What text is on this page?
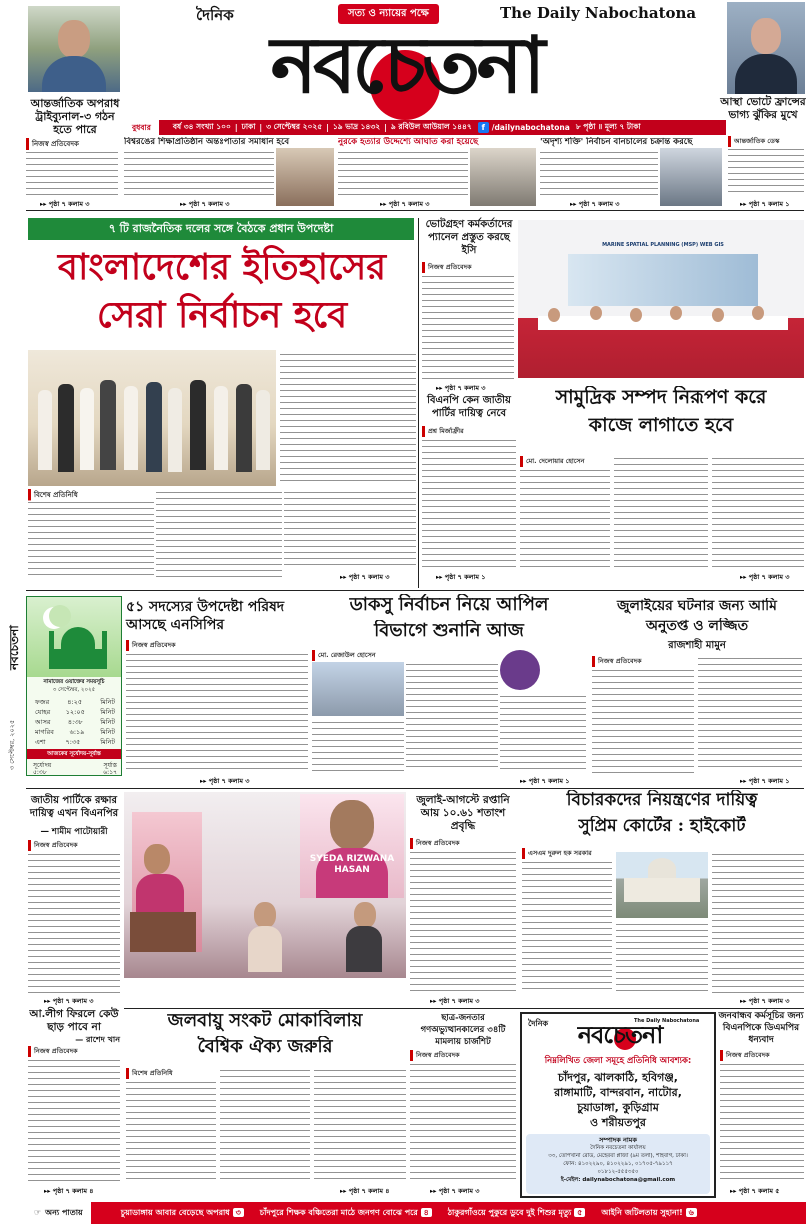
দৈনিক	সত্য ও ন্যায়ের পক্ষে	The Daily Nabochatona
নবচেতনা
বুধবার	বর্ষ ৩৪ সংখ্যা ১০০ | ঢাকা | ৩ সেপ্টেম্বর ২০২৫ | ১৯ ভাদ্র ১৪৩২ | ৯ রবিউল আউয়াল ১৪৪৭	f /dailynabochatona ৮ পৃষ্ঠা ॥ মূল্য ৭ টাকা
আন্তর্জাতিক অপরাধ ট্রাইব্যুনাল-৩ গঠন হতে পারে
নিজস্ব প্রতিবেদক
▸▸ পৃষ্ঠা ৭ কলাম ৩
আস্থা ভোটে ফ্রান্সের ভাগ্য ঝুঁকির মুখে
আন্তর্জাতিক ডেস্ক
▸▸ পৃষ্ঠা ৭ কলাম ১
বিশ্বরঙের শিক্ষাপ্রতিষ্ঠান অন্তঃপাতার সমাধান হবে
▸▸ পৃষ্ঠা ৭ কলাম ৩
নুরকে হত্যার উদ্দেশ্যে আঘাত করা হয়েছে
▸▸ পৃষ্ঠা ৭ কলাম ৩
'অদৃশ্য শক্তি' নির্বাচন বানচালের চক্রান্ত করছে
▸▸ পৃষ্ঠা ৭ কলাম ৩
৭ টি রাজনৈতিক দলের সঙ্গে বৈঠকে প্রধান উপদেষ্টা
বাংলাদেশের ইতিহাসের
সেরা নির্বাচন হবে
বিশেষ প্রতিনিধি
▸▸ পৃষ্ঠা ৭ কলাম ৩
ভোটগ্রহণ কর্মকর্তাদের প্যানেল প্রস্তুত করছে ইসি
নিজস্ব প্রতিবেদক
▸▸ পৃষ্ঠা ৭ কলাম ৩
MARINE SPATIAL PLANNING (MSP) WEB GIS
বিএনপি কেন জাতীয় পার্টির দায়িত্ব নেবে
প্রশ্ন মির্জাফ্রীর
▸▸ পৃষ্ঠা ৭ কলাম ১
সামুদ্রিক সম্পদ নিরূপণ করে
কাজে লাগাতে হবে
মো. দেলোয়ার হোসেন
▸▸ পৃষ্ঠা ৭ কলাম ৩
নামাজের ওয়াক্তের সময়সূচি
৩ সেপ্টেম্বর, ২০২৫
ফজর	৪:২৫	মিনিট
যোহর ১২:০৫ মিনিট
আসর	৪:৩৮	মিনিট
মাগরিব ৬:১৯ মিনিট
এশা	৭:৩৫	মিনিট
আজকের সূর্যোদয়-সূর্যাস্ত
সূর্যোদয়	সূর্যাস্ত
৫:৩৮	৬:১৭
নবচেতনা
৩ সেপ্টেম্বর, ২০২৫
৫১ সদস্যের উপদেষ্টা পরিষদ আসছে এনসিপির
নিজস্ব প্রতিবেদক
▸▸ পৃষ্ঠা ৭ কলাম ৩
ডাকসু নির্বাচন নিয়ে আপিল
বিভাগে শুনানি আজ
মো. রেজাউল হোসেন
▸▸ পৃষ্ঠা ৭ কলাম ১
জুলাইয়ের ঘটনার জন্য আমি
অনুতপ্ত ও লজ্জিত
রাজশাহী মামুন
নিজস্ব প্রতিবেদক
▸▸ পৃষ্ঠা ৭ কলাম ১
জাতীয় পার্টিকে রক্ষার দায়িত্ব এখন বিএনপির
— শামীম পাটোয়ারী
নিজস্ব প্রতিবেদক
▸▸ পৃষ্ঠা ৭ কলাম ৩
SYEDA RIZWANA HASAN
জুলাই-আগস্টে রপ্তানি আয় ১০.৬১ শতাংশ প্রবৃদ্ধি
নিজস্ব প্রতিবেদক
▸▸ পৃষ্ঠা ৭ কলাম ৩
বিচারকদের নিয়ন্ত্রণের দায়িত্ব
সুপ্রিম কোর্টের : হাইকোর্ট
এসএম দুরুল হক সরকার
▸▸ পৃষ্ঠা ৭ কলাম ৩
আ.লীগ ফিরলে কেউ ছাড় পাবে না
— রাশেদ খান
নিজস্ব প্রতিবেদক
▸▸ পৃষ্ঠা ৭ কলাম ৪
জলবায়ু সংকট মোকাবিলায়
বৈশ্বিক ঐক্য জরুরি
বিশেষ প্রতিনিধি
▸▸ পৃষ্ঠা ৭ কলাম ৪
ছাত্র-জনতার গণঅভ্যুত্থানকালের ৩৪টি মামলায় চার্জশিট
নিজস্ব প্রতিবেদক
▸▸ পৃষ্ঠা ৭ কলাম ৩
দৈনিক	নবচেতনা
The Daily Nabochatona
নিম্নলিখিত জেলা সমূহে প্রতিনিধি আবশ্যক:
চাঁদপুর, ঝালকাঠি, হবিগঞ্জ,
রাঙ্গামাটি, বান্দরবান, নাটোর,
চুয়াডাঙ্গা, কুড়িগ্রাম
ও শরীয়তপুর
সম্পাদক নামক
দৈনিক নবচেতনা কার্যালয়
৩৩, তোপখানা রোড, মেহেরবা প্লাজা (৯ম তলা), শাহবাগ, ঢাকা।
ফোন: ৪১০২২৯০, ৪১০২২৯১, ০১৭০৫-৭৯১১৭
০১৮১২-৫৫৫৩৫০
ই-মেইল: dailynabochatona@gmail.com
জনবান্ধব কর্মসূচির জন্য বিএনপিকে ডিএমপির ধন্যবাদ
নিজস্ব প্রতিবেদক
▸▸ পৃষ্ঠা ৭ কলাম ৫
☞ অন্য পাতায়	চুয়াডাঙ্গায় আবার বেড়েছে অপরাধ ৩	চাঁদপুরে শিক্ষক বঞ্চিতেরা মাঠে জনগণ বোঝে পরে ৪	ঠাকুরগাঁওয়ে পুকুরে ডুবে দুই শিশুর মৃত্যু ৫	আইনি জটিলতায় সুহানা! ৬
